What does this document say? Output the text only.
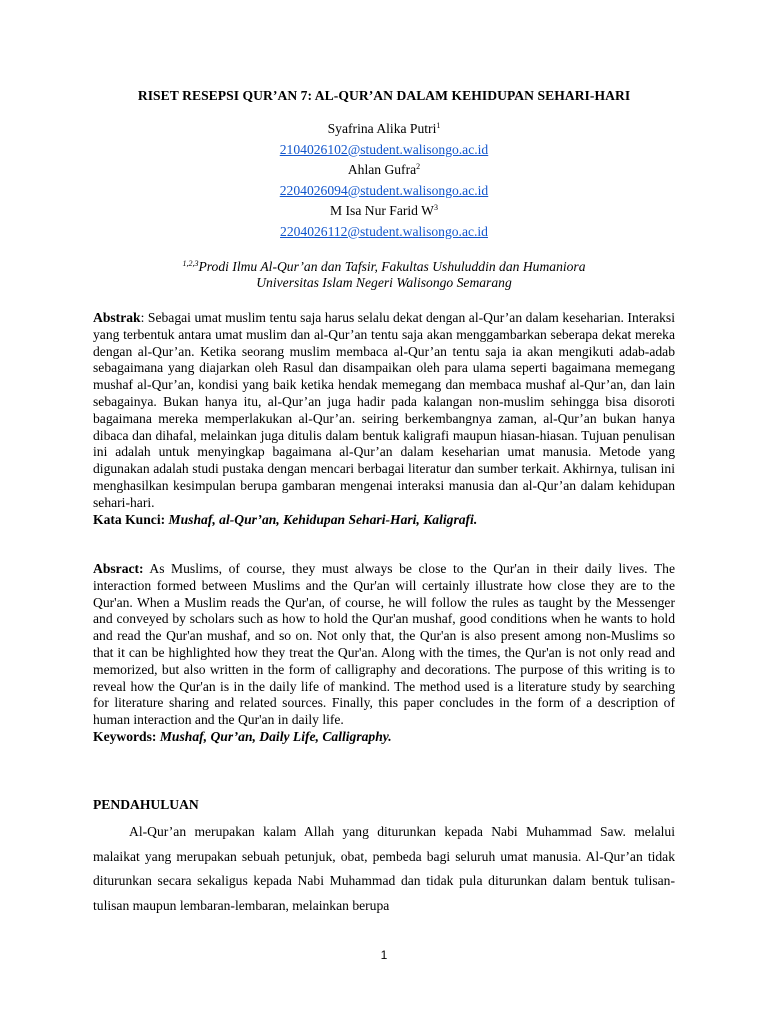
RISET RESEPSI QUR’AN 7: AL-QUR’AN DALAM KEHIDUPAN SEHARI-HARI
Syafrina Alika Putri$^1$
2104026102@student.walisongo.ac.id
Ahlan Gufra$^2$
2204026094@student.walisongo.ac.id
M Isa Nur Farid $W^3$
2204026112@student.walisongo.ac.id
$^{1,2,3}$Prodi Ilmu Al-Qur’an dan Tafsir, Fakultas Ushuluddin dan Humaniora
Universitas Islam Negeri Walisongo Semarang
Abstrak: Sebagai umat muslim tentu saja harus selalu dekat dengan al-Qur’an dalam keseharian. Interaksi yang terbentuk antara umat muslim dan al-Qur’an tentu saja akan menggambarkan seberapa dekat mereka dengan al-Qur’an. Ketika seorang muslim membaca al-Qur’an tentu saja ia akan mengikuti adab-adab sebagaimana yang diajarkan oleh Rasul dan disampaikan oleh para ulama seperti bagaimana memegang mushaf al-Qur’an, kondisi yang baik ketika hendak memegang dan membaca mushaf al-Qur’an, dan lain sebagainya. Bukan hanya itu, al-Qur’an juga hadir pada kalangan non-muslim sehingga bisa disoroti bagaimana mereka memperlakukan al-Qur’an. seiring berkembangnya zaman, al-Qur’an bukan hanya dibaca dan dihafal, melainkan juga ditulis dalam bentuk kaligrafi maupun hiasan-hiasan. Tujuan penulisan ini adalah untuk menyingkap bagaimana al-Qur’an dalam keseharian umat manusia. Metode yang digunakan adalah studi pustaka dengan mencari berbagai literatur dan sumber terkait. Akhirnya, tulisan ini menghasilkan kesimpulan berupa gambaran mengenai interaksi manusia dan al-Qur’an dalam kehidupan sehari-hari.
Kata Kunci: Mushaf, al-Qur’an, Kehidupan Sehari-Hari, Kaligrafi.
Absract: As Muslims, of course, they must always be close to the Qur'an in their daily lives. The interaction formed between Muslims and the Qur'an will certainly illustrate how close they are to the Qur'an. When a Muslim reads the Qur'an, of course, he will follow the rules as taught by the Messenger and conveyed by scholars such as how to hold the Qur'an mushaf, good conditions when he wants to hold and read the Qur'an mushaf, and so on. Not only that, the Qur'an is also present among non-Muslims so that it can be highlighted how they treat the Qur'an. Along with the times, the Qur'an is not only read and memorized, but also written in the form of calligraphy and decorations. The purpose of this writing is to reveal how the Qur'an is in the daily life of mankind. The method used is a literature study by searching for literature sharing and related sources. Finally, this paper concludes in the form of a description of human interaction and the Qur'an in daily life.
Keywords: Mushaf, Qur’an, Daily Life, Calligraphy.
PENDAHULUAN
Al-Qur’an merupakan kalam Allah yang diturunkan kepada Nabi Muhammad Saw. melalui malaikat yang merupakan sebuah petunjuk, obat, pembeda bagi seluruh umat manusia. Al-Qur’an tidak diturunkan secara sekaligus kepada Nabi Muhammad dan tidak pula diturunkan dalam bentuk tulisan-tulisan maupun lembaran-lembaran, melainkan berupa
1
